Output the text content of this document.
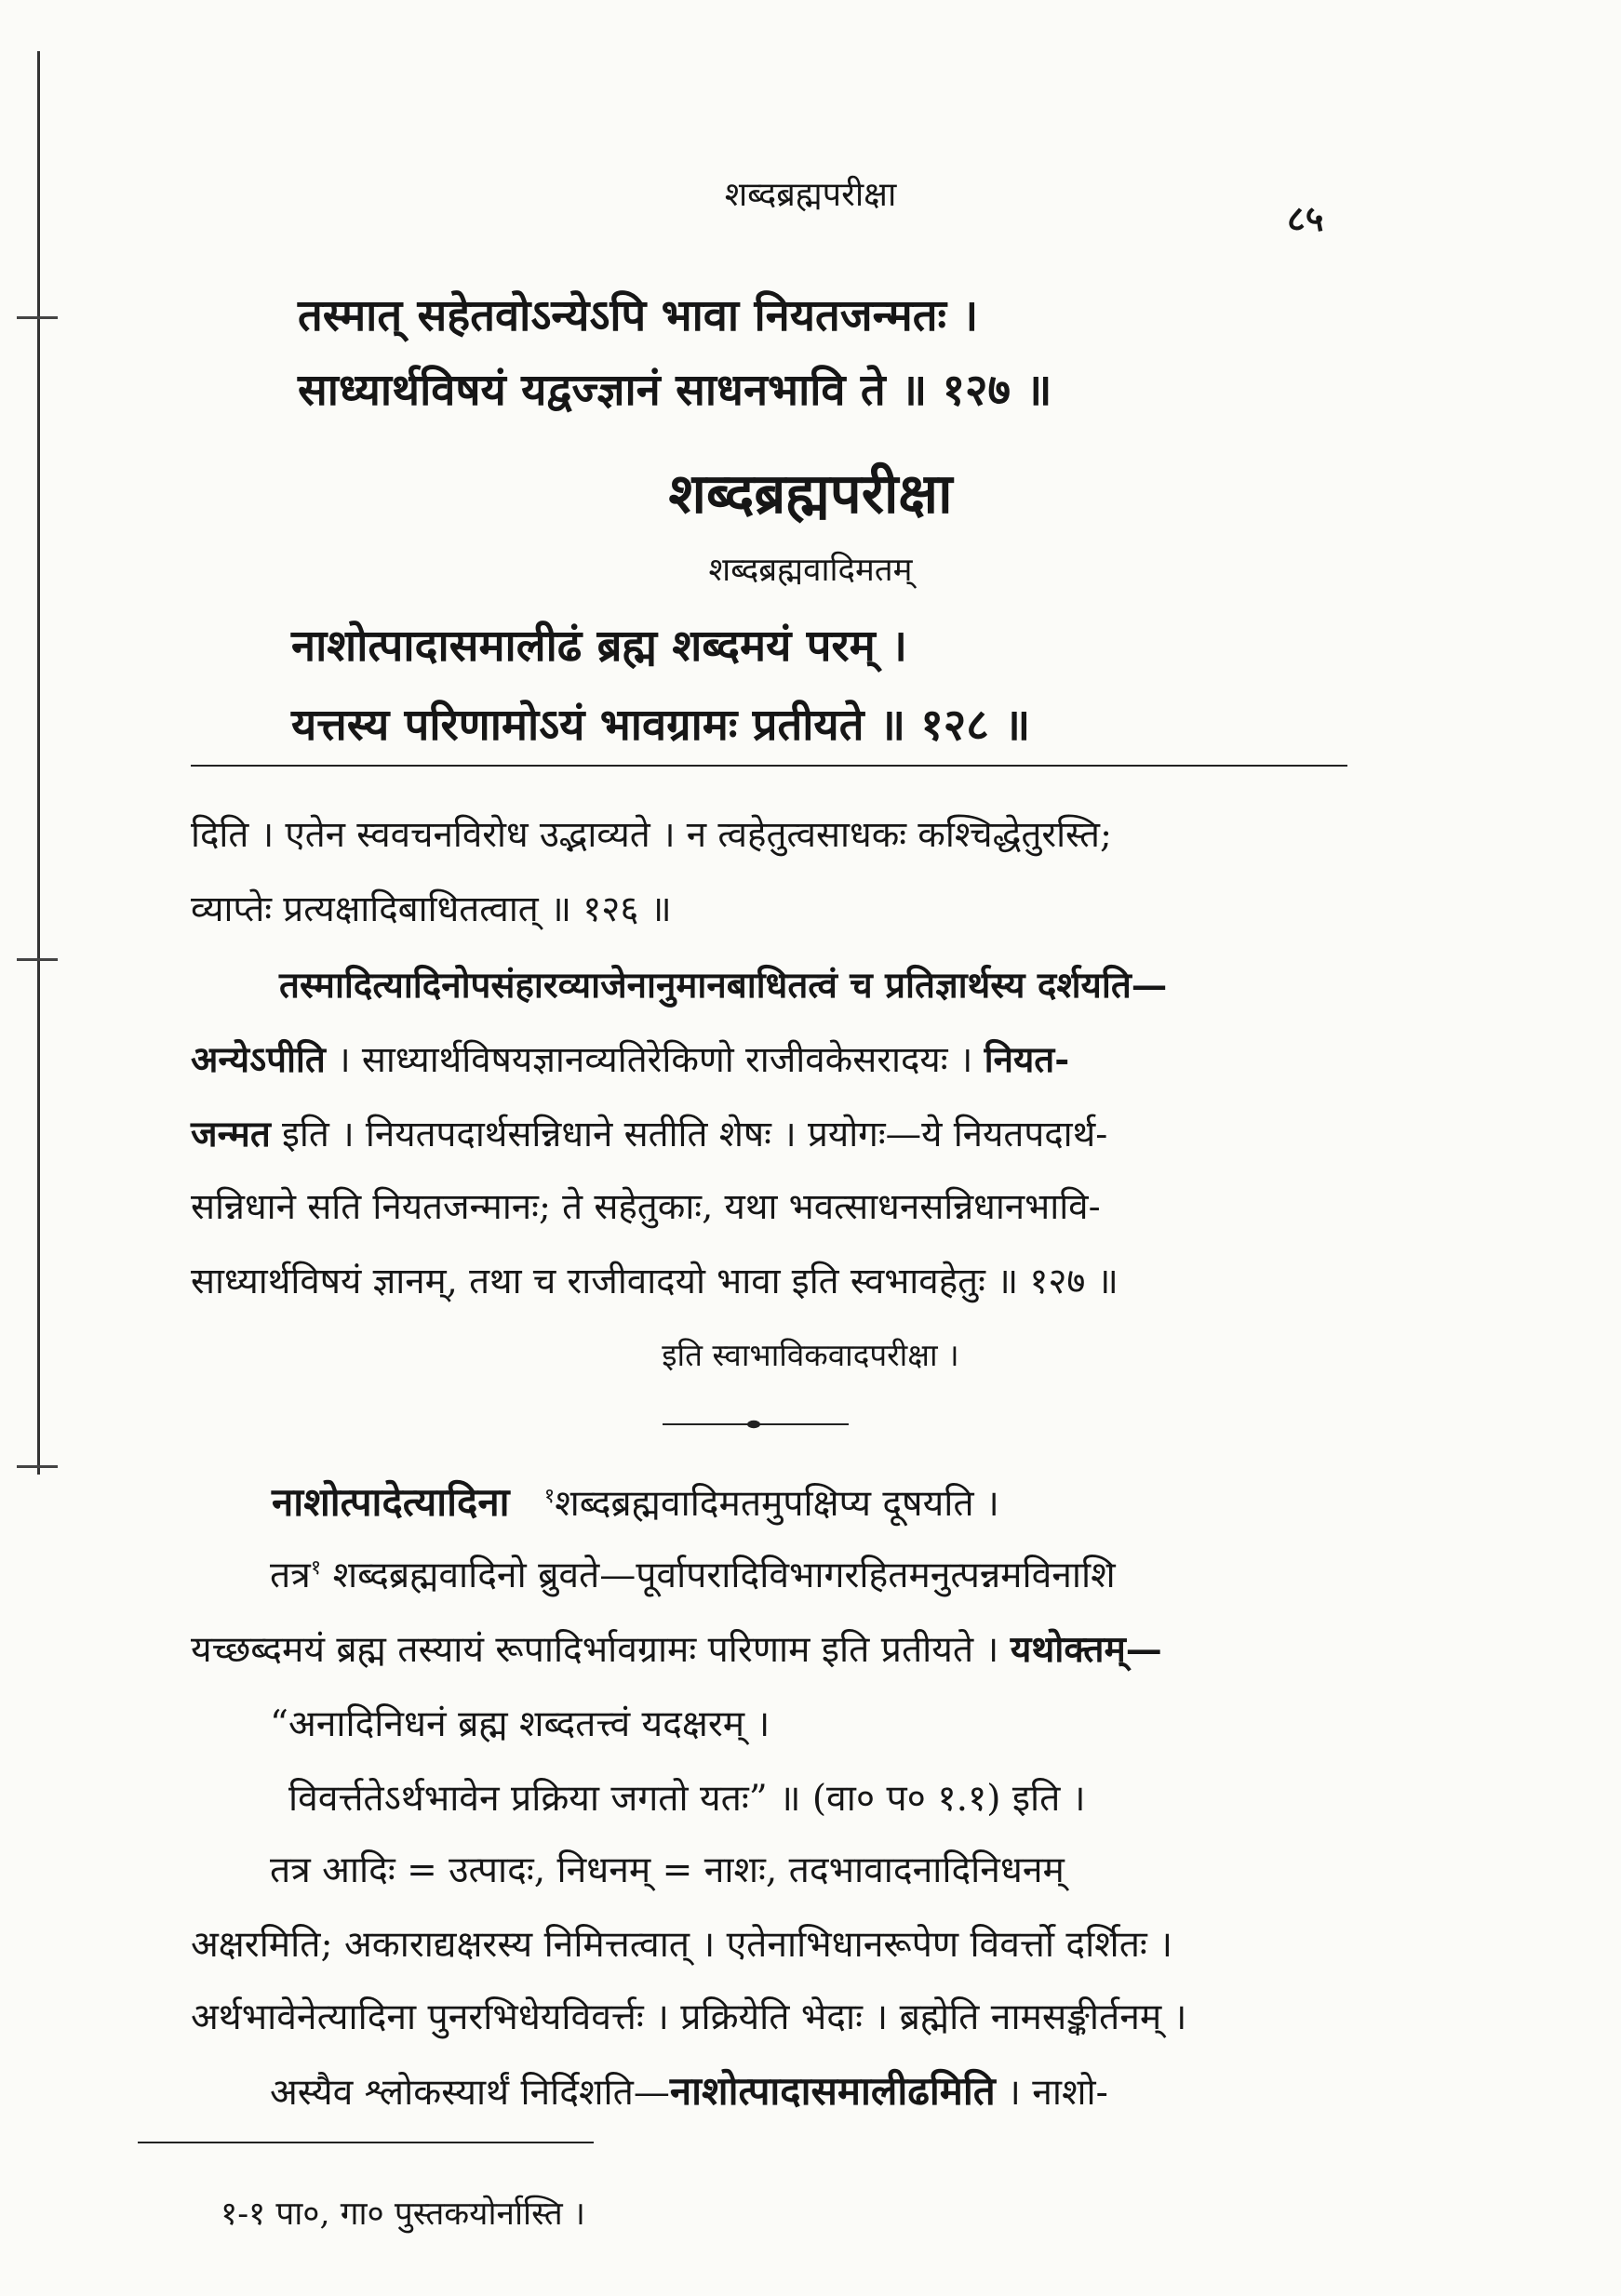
शब्दब्रह्मपरीक्षा
८५
तस्मात् सहेतवोऽन्येऽपि भावा नियतजन्मतः ।
साध्यार्थविषयं यद्वज्ज्ञानं साधनभावि ते ॥ १२७ ॥
शब्दब्रह्मपरीक्षा
शब्दब्रह्मवादिमतम्
नाशोत्पादासमालीढं ब्रह्म शब्दमयं परम् ।
यत्तस्य परिणामोऽयं भावग्रामः प्रतीयते ॥ १२८ ॥
दिति । एतेन स्ववचनविरोध उद्भाव्यते । न त्वहेतुत्वसाधकः कश्चिद्धेतुरस्ति;
व्याप्तेः प्रत्यक्षादिबाधितत्वात् ॥ १२६ ॥
तस्मादित्यादिनोपसंहारव्याजेनानुमानबाधितत्वं च प्रतिज्ञार्थस्य दर्शयति—
अन्येऽपीति । साध्यार्थविषयज्ञानव्यतिरेकिणो राजीवकेसरादयः । नियत-
जन्मत इति । नियतपदार्थसन्निधाने सतीति शेषः । प्रयोगः—ये नियतपदार्थ-
सन्निधाने सति नियतजन्मानः; ते सहेतुकाः, यथा भवत्साधनसन्निधानभावि-
साध्यार्थविषयं ज्ञानम्, तथा च राजीवादयो भावा इति स्वभावहेतुः ॥ १२७ ॥
इति स्वाभाविकवादपरीक्षा ।
नाशोत्पादेत्यादिना $^१$शब्दब्रह्मवादिमतमुपक्षिप्य दूषयति ।
तत्र$^१$ शब्दब्रह्मवादिनो ब्रुवते—पूर्वापरादिविभागरहितमनुत्पन्नमविनाशि
यच्छब्दमयं ब्रह्म तस्यायं रूपादिर्भावग्रामः परिणाम इति प्रतीयते । यथोक्तम्—
“अनादिनिधनं ब्रह्म शब्दतत्त्वं यदक्षरम् ।
विवर्त्ततेऽर्थभावेन प्रक्रिया जगतो यतः” ॥ (वा० प० १.१) इति ।
तत्र आदिः = उत्पादः, निधनम् = नाशः, तदभावादनादिनिधनम्
अक्षरमिति; अकाराद्यक्षरस्य निमित्तत्वात् । एतेनाभिधानरूपेण विवर्त्तो दर्शितः ।
अर्थभावेनेत्यादिना पुनरभिधेयविवर्त्तः । प्रक्रियेति भेदाः । ब्रह्मेति नामसङ्कीर्तनम् ।
अस्यैव श्लोकस्यार्थं निर्दिशति—नाशोत्पादासमालीढमिति । नाशो-
१-१ पा०, गा० पुस्तकयोर्नास्ति ।
